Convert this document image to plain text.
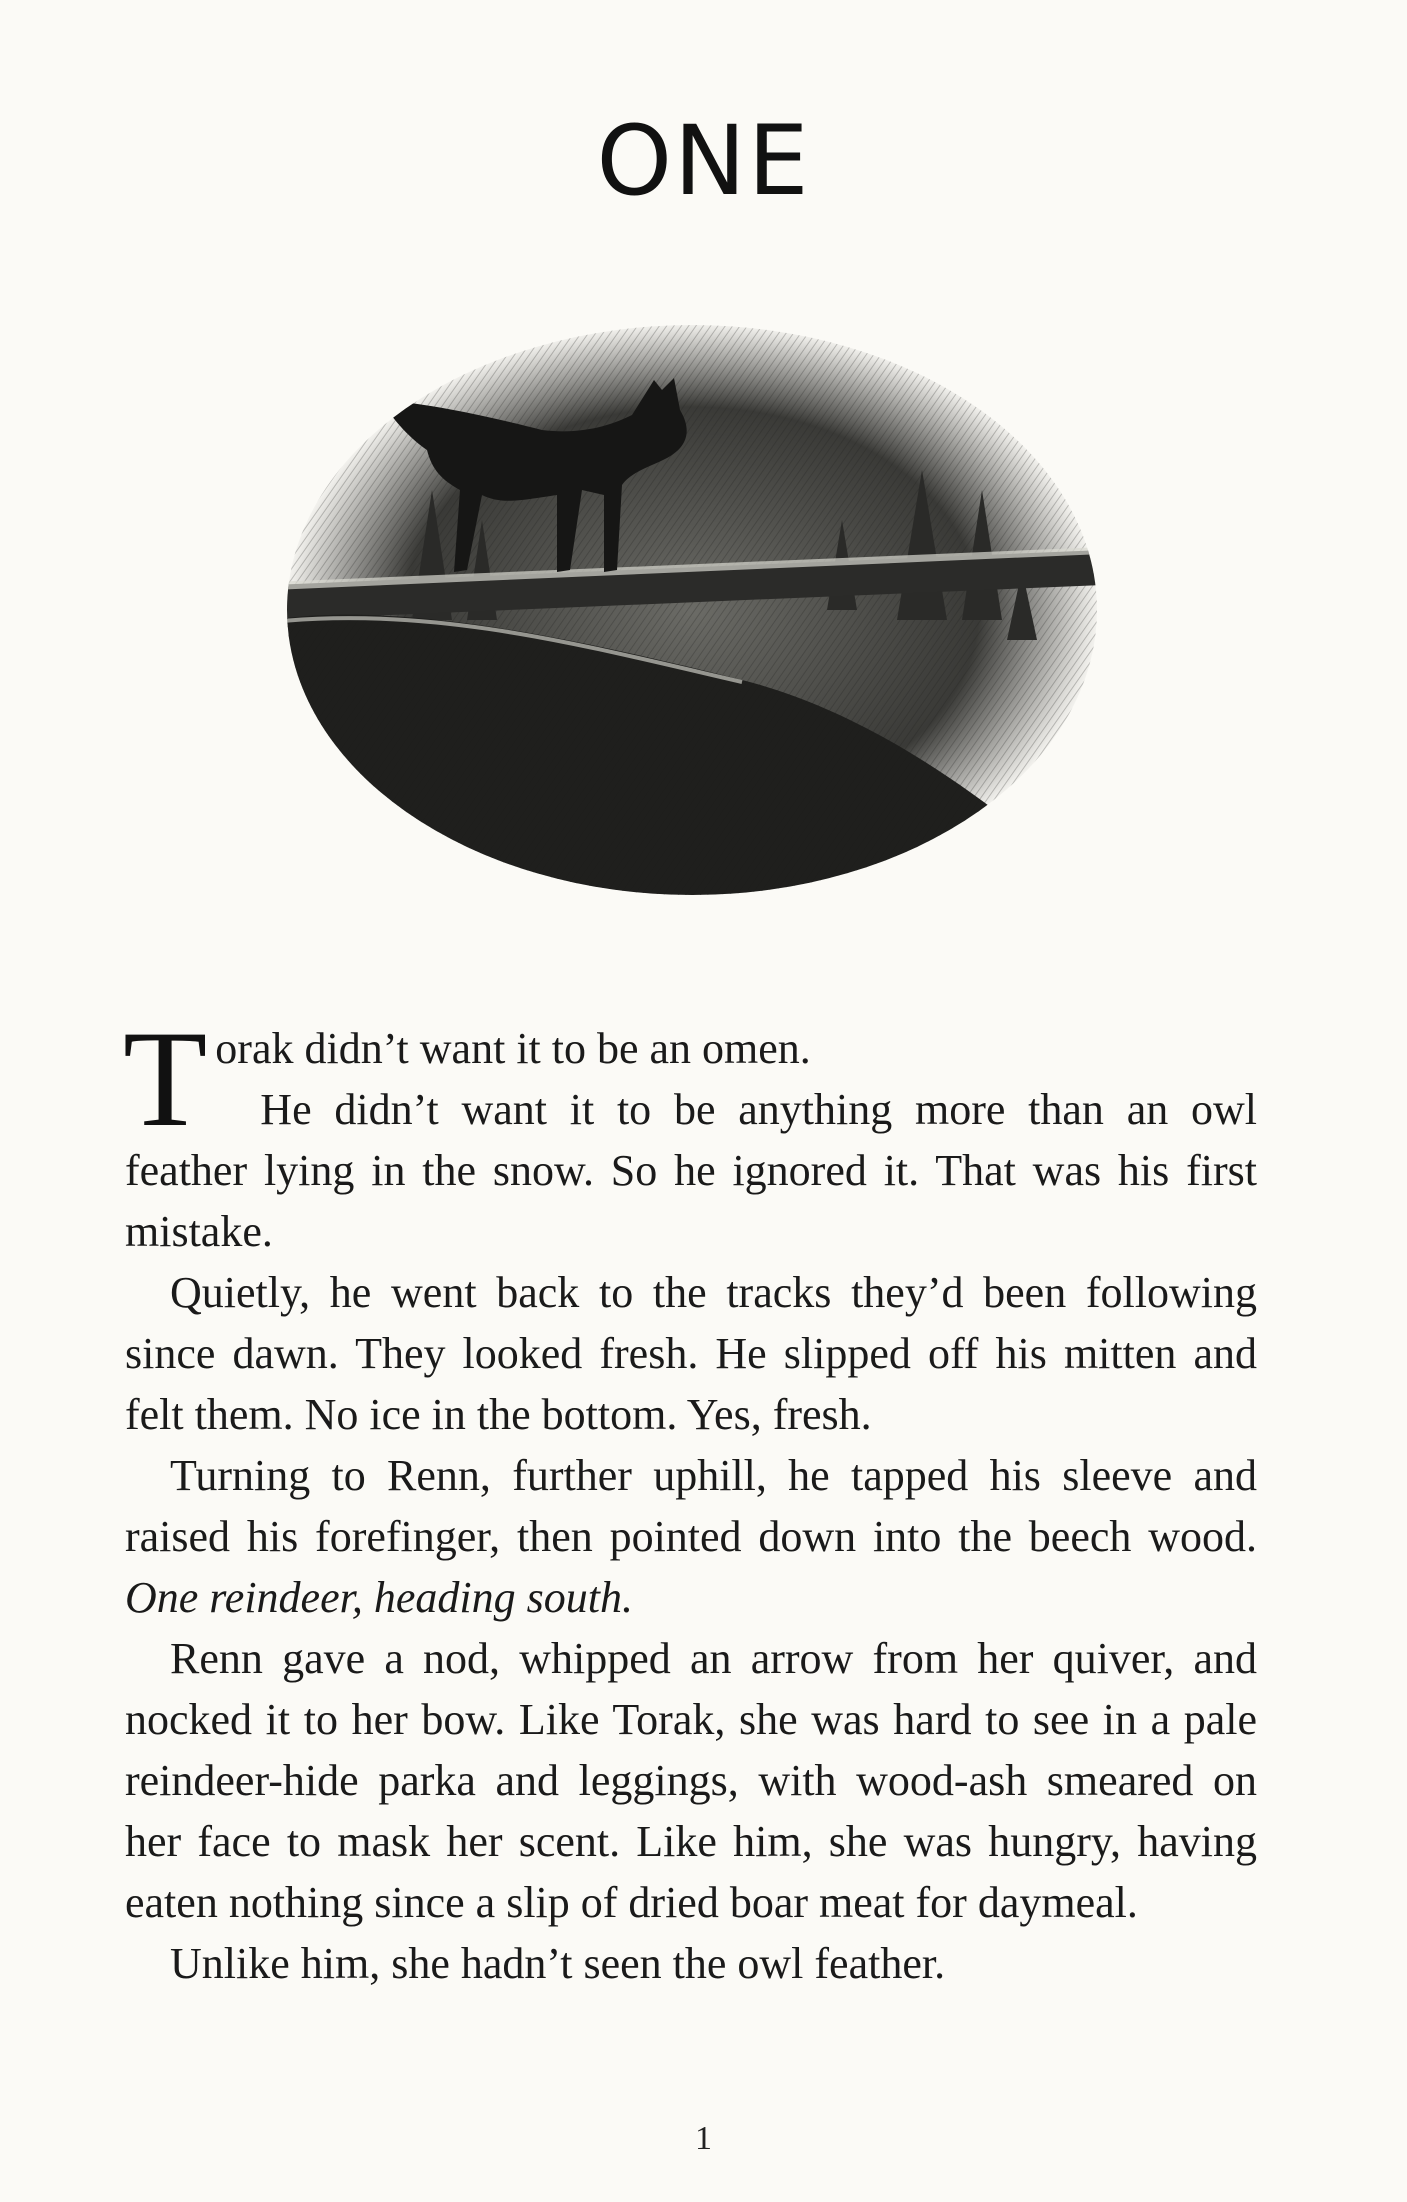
ONE

Torak didn’t want it to be an omen.

He didn’t want it to be anything more than an owl feather lying in the snow. So he ignored it. That was his first mistake.

Quietly, he went back to the tracks they’d been following since dawn. They looked fresh. He slipped off his mitten and felt them. No ice in the bottom. Yes, fresh.

Turning to Renn, further uphill, he tapped his sleeve and raised his forefinger, then pointed down into the beech wood. One reindeer, heading south.

Renn gave a nod, whipped an arrow from her quiver, and nocked it to her bow. Like Torak, she was hard to see in a pale reindeer-hide parka and leggings, with wood-ash smeared on her face to mask her scent. Like him, she was hungry, having eaten nothing since a slip of dried boar meat for daymeal.

Unlike him, she hadn’t seen the owl feather.

1
